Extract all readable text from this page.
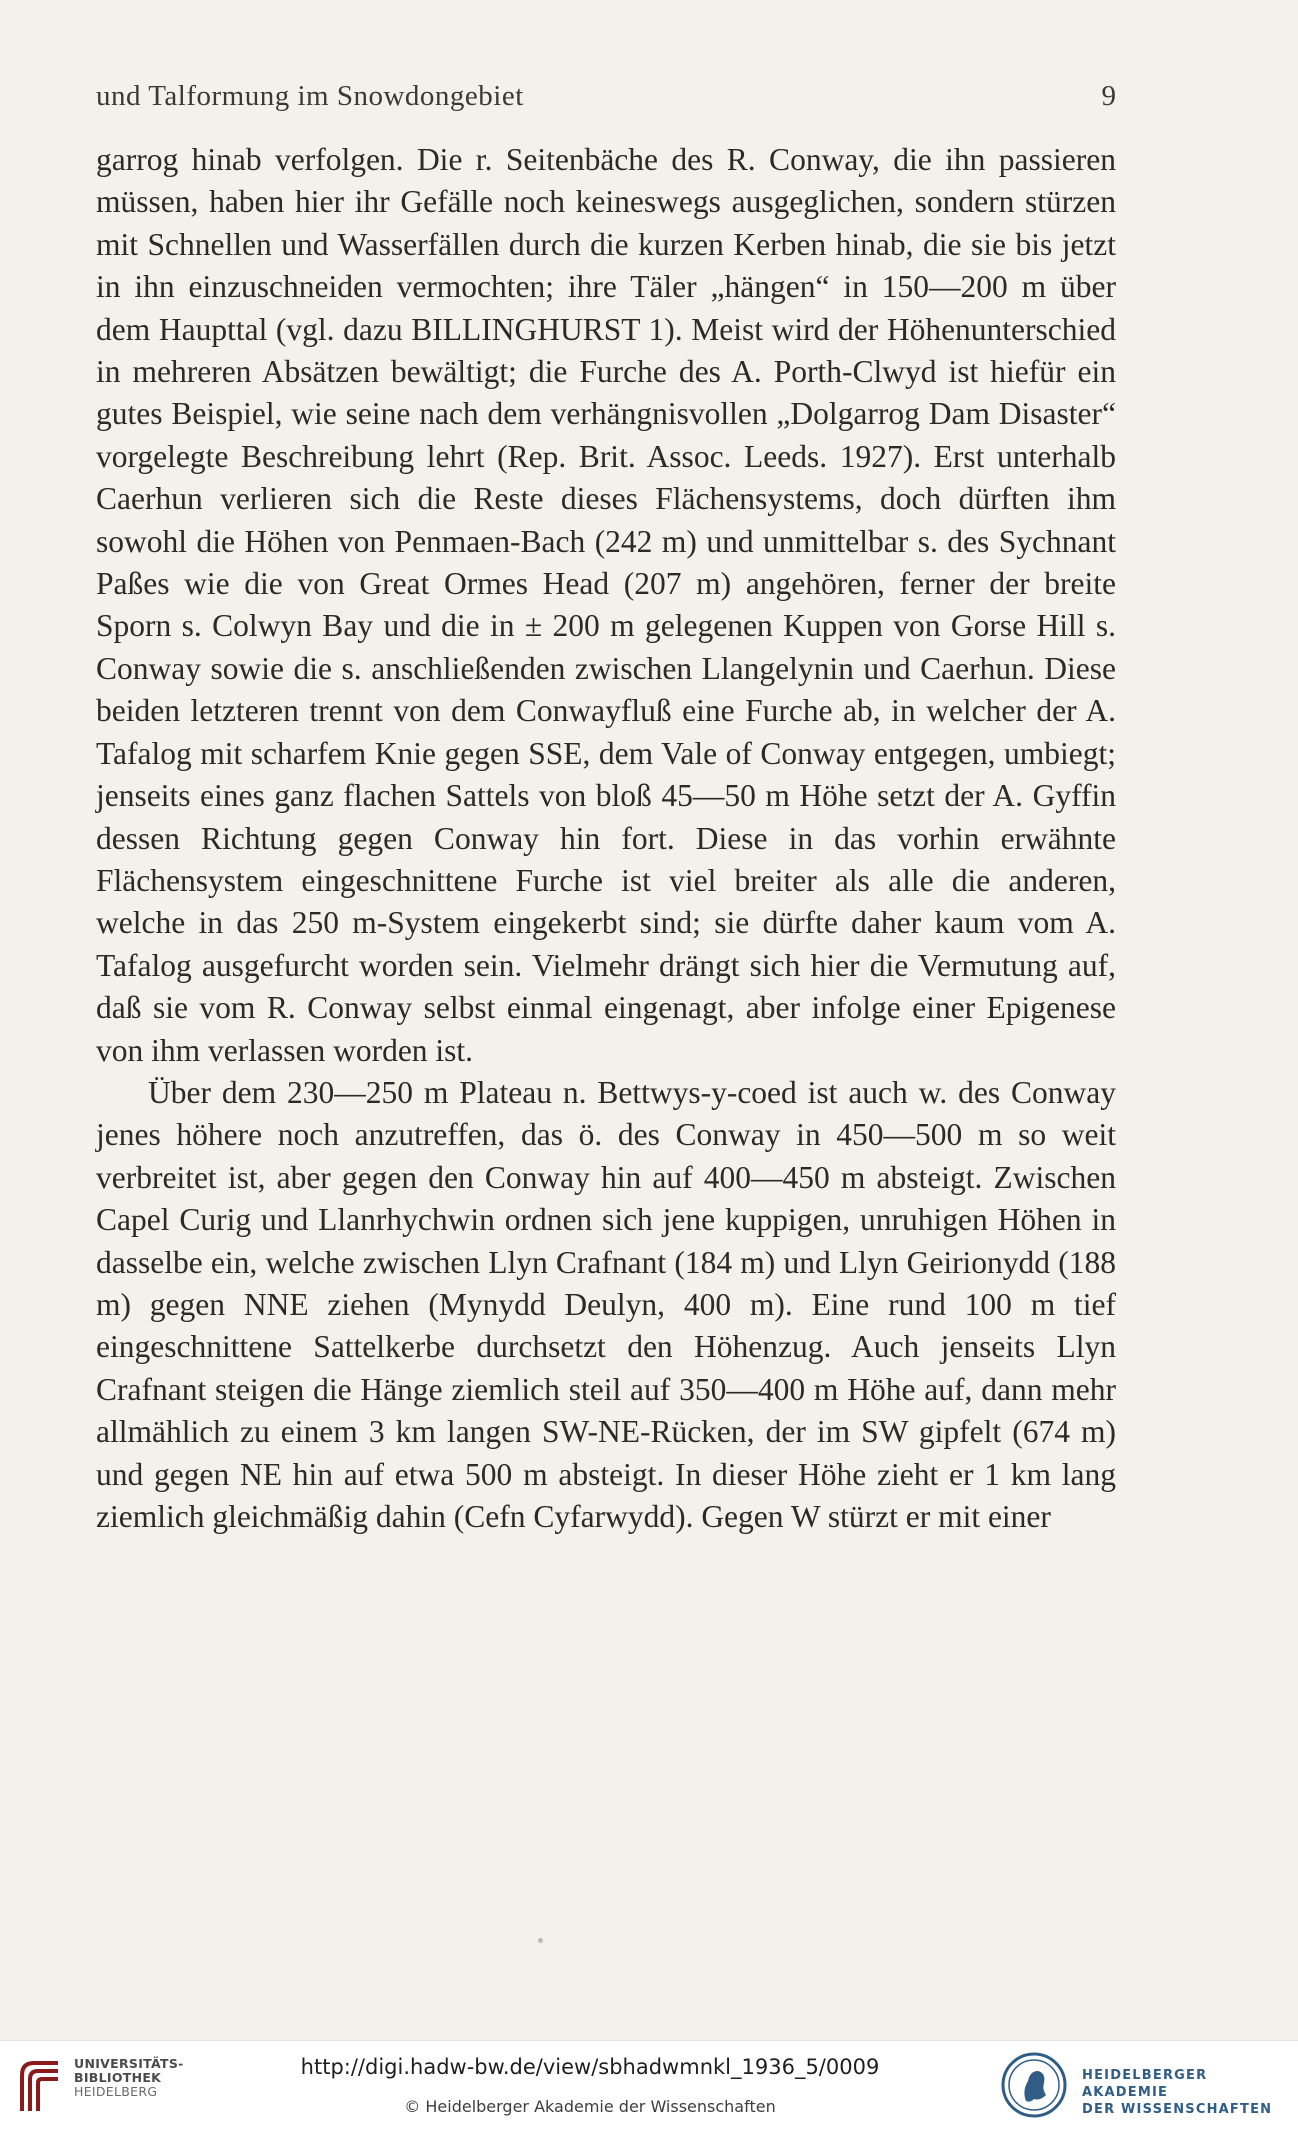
und Talformung im Snowdongebiet	9

garrog hinab verfolgen. Die r. Seitenbäche des R. Conway, die ihn passieren müssen, haben hier ihr Gefälle noch keineswegs ausgeglichen, sondern stürzen mit Schnellen und Wasserfällen durch die kurzen Kerben hinab, die sie bis jetzt in ihn einzuschneiden vermochten; ihre Täler „hängen“ in 150—200 m über dem Haupttal (vgl. dazu BILLINGHURST 1). Meist wird der Höhenunterschied in mehreren Absätzen bewältigt; die Furche des A. Porth-Clwyd ist hiefür ein gutes Beispiel, wie seine nach dem verhängnisvollen „Dolgarrog Dam Disaster“ vorgelegte Beschreibung lehrt (Rep. Brit. Assoc. Leeds. 1927). Erst unterhalb Caerhun verlieren sich die Reste dieses Flächensystems, doch dürften ihm sowohl die Höhen von Penmaen-Bach (242 m) und unmittelbar s. des Sychnant Paßes wie die von Great Ormes Head (207 m) angehören, ferner der breite Sporn s. Colwyn Bay und die in ± 200 m gelegenen Kuppen von Gorse Hill s. Conway sowie die s. anschließenden zwischen Llangelynin und Caerhun. Diese beiden letzteren trennt von dem Conwayfluß eine Furche ab, in welcher der A. Tafalog mit scharfem Knie gegen SSE, dem Vale of Conway entgegen, umbiegt; jenseits eines ganz flachen Sattels von bloß 45—50 m Höhe setzt der A. Gyffin dessen Richtung gegen Conway hin fort. Diese in das vorhin erwähnte Flächensystem eingeschnittene Furche ist viel breiter als alle die anderen, welche in das 250 m-System eingekerbt sind; sie dürfte daher kaum vom A. Tafalog ausgefurcht worden sein. Vielmehr drängt sich hier die Vermutung auf, daß sie vom R. Conway selbst einmal eingenagt, aber infolge einer Epigenese von ihm verlassen worden ist.

Über dem 230—250 m Plateau n. Bettwys-y-coed ist auch w. des Conway jenes höhere noch anzutreffen, das ö. des Conway in 450—500 m so weit verbreitet ist, aber gegen den Conway hin auf 400—450 m absteigt. Zwischen Capel Curig und Llanrhychwin ordnen sich jene kuppigen, unruhigen Höhen in dasselbe ein, welche zwischen Llyn Crafnant (184 m) und Llyn Geirionydd (188 m) gegen NNE ziehen (Mynydd Deulyn, 400 m). Eine rund 100 m tief eingeschnittene Sattelkerbe durchsetzt den Höhenzug. Auch jenseits Llyn Crafnant steigen die Hänge ziemlich steil auf 350—400 m Höhe auf, dann mehr allmählich zu einem 3 km langen SW-NE-Rücken, der im SW gipfelt (674 m) und gegen NE hin auf etwa 500 m absteigt. In dieser Höhe zieht er 1 km lang ziemlich gleichmäßig dahin (Cefn Cyfarwydd). Gegen W stürzt er mit einer

UNIVERSITÄTS-
BIBLIOTHEK
HEIDELBERG
http://digi.hadw-bw.de/view/sbhadwmnkl_1936_5/0009
© Heidelberger Akademie der Wissenschaften
HEIDELBERGER AKADEMIE
DER WISSENSCHAFTEN
